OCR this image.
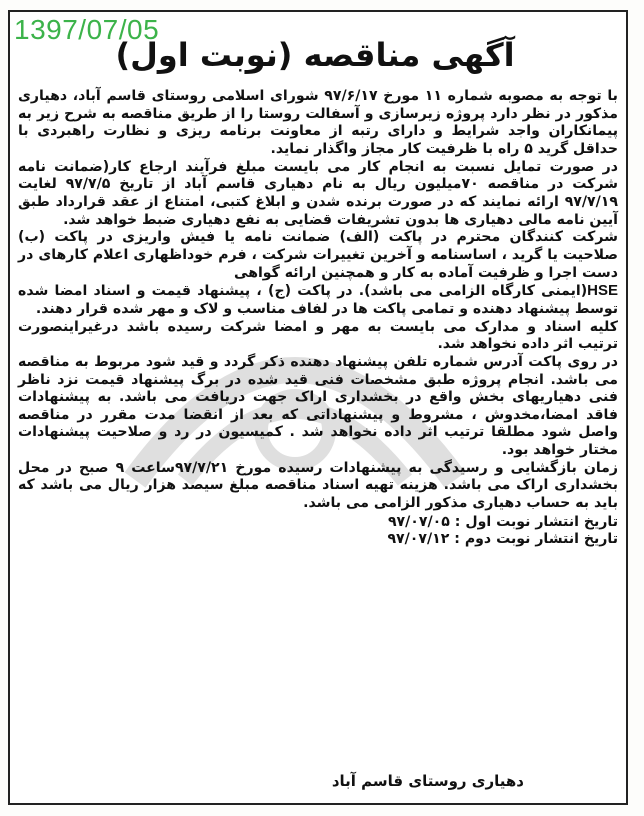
1397/07/05
آگهی مناقصه (نوبت اول)

با توجه به مصوبه شماره ۱۱ مورخ ۹۷/۶/۱۷ شورای اسلامی روستای قاسم آباد، دهیاری مذکور در نظر دارد پروژه زیرسازی و آسفالت روستا را از طریق مناقصه به شرح زیر به پیمانکاران واجد شرایط و دارای رتبه از معاونت برنامه ریزی و نظارت راهبردی با حداقل گرید ۵ راه با ظرفیت کار مجاز واگذار نماید.

در صورت تمایل نسبت به انجام کار می بایست مبلغ فرآیند ارجاع کار(ضمانت نامه شرکت در مناقصه ۷۰میلیون ریال به نام دهیاری قاسم آباد از تاریخ ۹۷/۷/۵ لغایت ۹۷/۷/۱۹ ارائه نمایند که در صورت برنده شدن و ابلاغ کتبی، امتناع از عقد قرارداد طبق آیین نامه مالی دهیاری ها بدون تشریفات قضایی به نفع دهیاری ضبط خواهد شد.

شرکت کنندگان محترم در پاکت (الف) ضمانت نامه یا فیش واریزی در پاکت (ب) صلاحیت یا گرید ، اساسنامه و آخرین تغییرات شرکت ، فرم خوداظهاری اعلام کارهای در دست اجرا و ظرفیت آماده به کار و همچنین ارائه گواهی

HSE(ایمنی کارگاه الزامی می باشد). در پاکت (ج) ، پیشنهاد قیمت و اسناد امضا شده توسط پیشنهاد دهنده و تمامی پاکت ها در لفاف مناسب و لاک و مهر شده قرار دهند.

کلیه اسناد و مدارک می بایست به مهر و امضا شرکت رسیده باشد درغیراینصورت ترتیب اثر داده نخواهد شد.

در روی پاکت آدرس شماره تلفن پیشنهاد دهنده ذکر گردد و قید شود مربوط به مناقصه می باشد. انجام پروژه طبق مشخصات فنی قید شده در برگ پیشنهاد قیمت نزد ناظر فنی دهیاریهای بخش واقع در بخشداری اراک جهت دریافت می باشد. به پیشنهادات فاقد امضا،مخدوش ، مشروط و پیشنهاداتی که بعد از انقضا مدت مقرر در مناقصه واصل شود مطلقا ترتیب اثر داده نخواهد شد . کمیسیون در رد و صلاحیت پیشنهادات مختار خواهد بود.

زمان بازگشایی و رسیدگی به پیشنهادات رسیده مورخ ۹۷/۷/۲۱ساعت ۹ صبح در محل بخشداری اراک می باشد. هزینه تهیه اسناد مناقصه مبلغ سیصد هزار ریال می باشد که باید به حساب دهیاری مذکور الزامی می باشد.

تاریخ انتشار نوبت اول : ۹۷/۰۷/۰۵

تاریخ انتشار نوبت دوم : ۹۷/۰۷/۱۲

دهیاری روستای قاسم آباد
